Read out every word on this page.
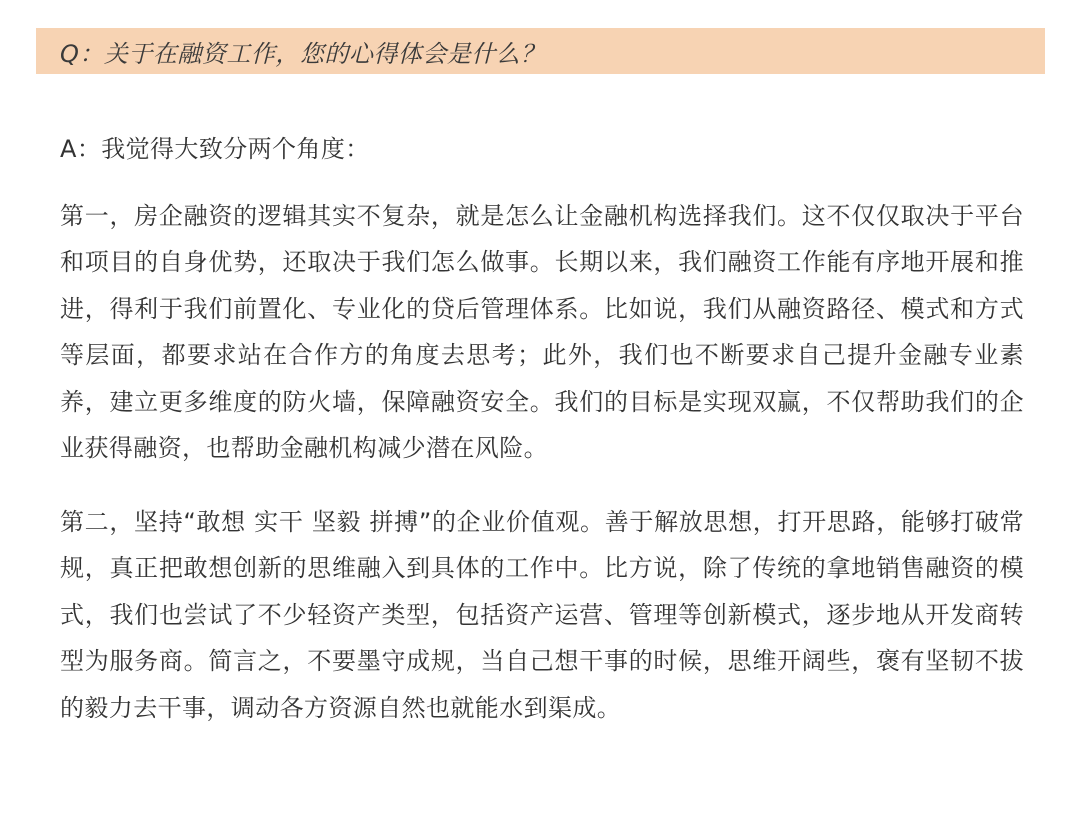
Q：关于在融资工作，您的心得体会是什么？

A：我觉得大致分两个角度：

第一，房企融资的逻辑其实不复杂，就是怎么让金融机构选择我们。这不仅仅取决于平台和项目的自身优势，还取决于我们怎么做事。长期以来，我们融资工作能有序地开展和推进，得利于我们前置化、专业化的贷后管理体系。比如说，我们从融资路径、模式和方式等层面，都要求站在合作方的角度去思考；此外，我们也不断要求自己提升金融专业素养，建立更多维度的防火墙，保障融资安全。我们的目标是实现双赢，不仅帮助我们的企业获得融资，也帮助金融机构减少潜在风险。

第二，坚持“敢想 实干 坚毅 拼搏”的企业价值观。善于解放思想，打开思路，能够打破常规，真正把敢想创新的思维融入到具体的工作中。比方说，除了传统的拿地销售融资的模式，我们也尝试了不少轻资产类型，包括资产运营、管理等创新模式，逐步地从开发商转型为服务商。简言之，不要墨守成规，当自己想干事的时候，思维开阔些，褒有坚韧不拔的毅力去干事，调动各方资源自然也就能水到渠成。
